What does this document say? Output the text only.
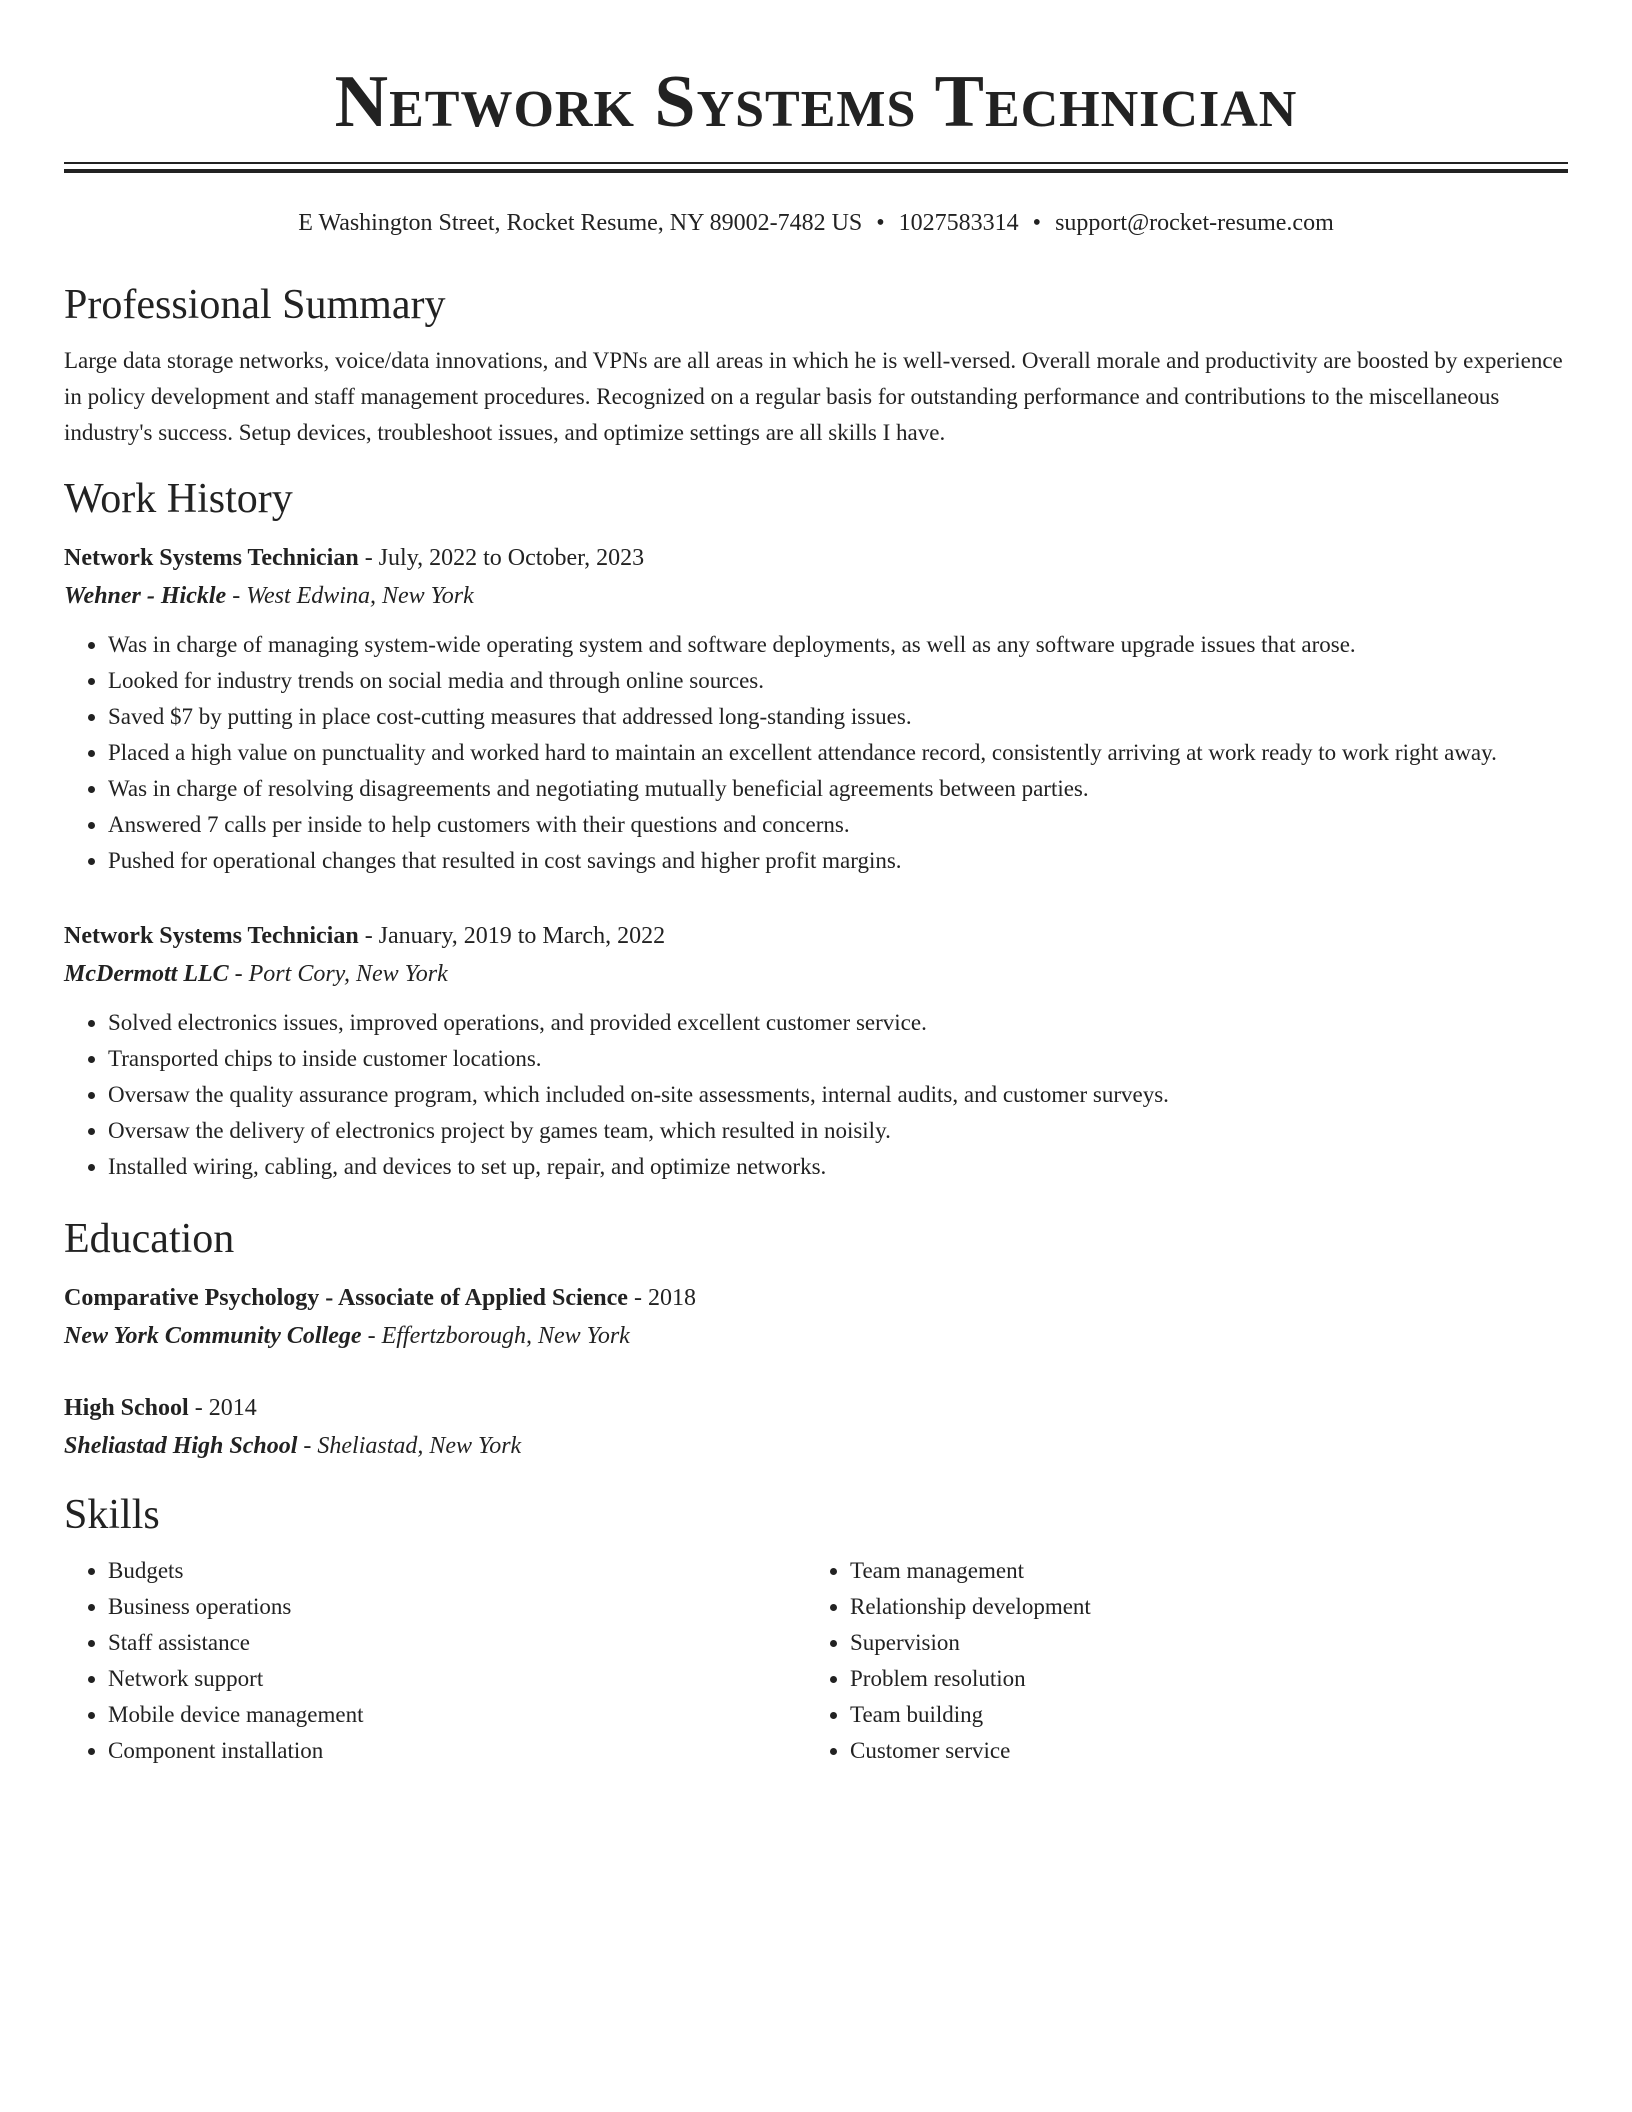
Network Systems Technician
E Washington Street, Rocket Resume, NY 89002-7482 US • 1027583314 • support@rocket-resume.com
Professional Summary
Large data storage networks, voice/data innovations, and VPNs are all areas in which he is well-versed. Overall morale and productivity are boosted by experience in policy development and staff management procedures. Recognized on a regular basis for outstanding performance and contributions to the miscellaneous industry's success. Setup devices, troubleshoot issues, and optimize settings are all skills I have.
Work History
Network Systems Technician - July, 2022 to October, 2023
Wehner - Hickle - West Edwina, New York
• Was in charge of managing system-wide operating system and software deployments, as well as any software upgrade issues that arose.
• Looked for industry trends on social media and through online sources.
• Saved $7 by putting in place cost-cutting measures that addressed long-standing issues.
• Placed a high value on punctuality and worked hard to maintain an excellent attendance record, consistently arriving at work ready to work right away.
• Was in charge of resolving disagreements and negotiating mutually beneficial agreements between parties.
• Answered 7 calls per inside to help customers with their questions and concerns.
• Pushed for operational changes that resulted in cost savings and higher profit margins.
Network Systems Technician - January, 2019 to March, 2022
McDermott LLC - Port Cory, New York
• Solved electronics issues, improved operations, and provided excellent customer service.
• Transported chips to inside customer locations.
• Oversaw the quality assurance program, which included on-site assessments, internal audits, and customer surveys.
• Oversaw the delivery of electronics project by games team, which resulted in noisily.
• Installed wiring, cabling, and devices to set up, repair, and optimize networks.
Education
Comparative Psychology - Associate of Applied Science - 2018
New York Community College - Effertzborough, New York
High School - 2014
Sheliastad High School - Sheliastad, New York
Skills
• Budgets
• Business operations
• Staff assistance
• Network support
• Mobile device management
• Component installation
• Team management
• Relationship development
• Supervision
• Problem resolution
• Team building
• Customer service
